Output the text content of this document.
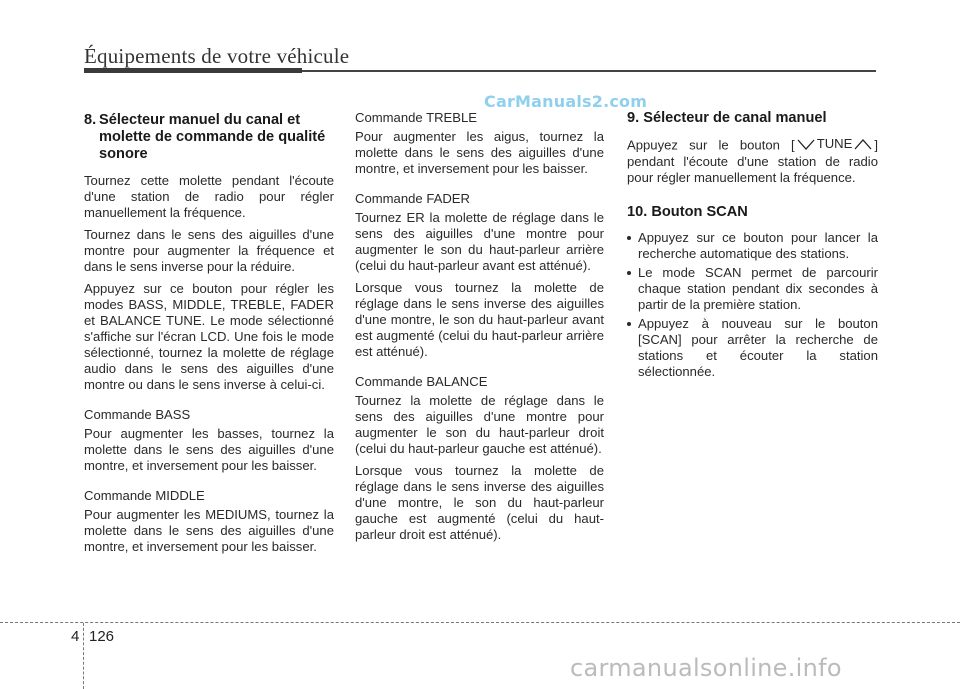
Équipements de votre véhicule
CarManuals2.com
8. Sélecteur manuel du canal et
molette de commande de qualité sonore

Tournez cette molette pendant l'écoute d'une station de radio pour régler manuellement la fréquence.

Tournez dans le sens des aiguilles d'une montre pour augmenter la fréquence et dans le sens inverse pour la réduire.

Appuyez sur ce bouton pour régler les modes BASS, MIDDLE, TREBLE, FADER et BALANCE TUNE. Le mode sélectionné s'affiche sur l'écran LCD. Une fois le mode sélectionné, tournez la molette de réglage audio dans le sens des aiguilles d'une montre ou dans le sens inverse à celui-ci.

Commande BASS

Pour augmenter les basses, tournez la molette dans le sens des aiguilles d'une montre, et inversement pour les baisser.

Commande MIDDLE

Pour augmenter les MEDIUMS, tournez la molette dans le sens des aiguilles d'une montre, et inversement pour les baisser.

Commande TREBLE

Pour augmenter les aigus, tournez la molette dans le sens des aiguilles d'une montre, et inversement pour les baisser.

Commande FADER

Tournez ER la molette de réglage dans le sens des aiguilles d'une montre pour augmenter le son du haut-parleur arrière (celui du haut-parleur avant est atténué).

Lorsque vous tournez la molette de réglage dans le sens inverse des aiguilles d'une montre, le son du haut-parleur avant est augmenté (celui du haut-parleur arrière est atténué).

Commande BALANCE

Tournez la molette de réglage dans le sens des aiguilles d'une montre pour augmenter le son du haut-parleur droit (celui du haut-parleur gauche est atténué).

Lorsque vous tournez la molette de réglage dans le sens inverse des aiguilles d'une montre, le son du haut-parleur gauche est augmenté (celui du haut-parleur droit est atténué).

9. Sélecteur de canal manuel

Appuyez sur le bouton [ TUNE ] pendant l'écoute d'une station de radio pour régler manuellement la fréquence.

10. Bouton SCAN
Appuyez sur ce bouton pour lancer la recherche automatique des stations.
Le mode SCAN permet de parcourir chaque station pendant dix secondes à partir de la première station.
Appuyez à nouveau sur le bouton [SCAN] pour arrêter la recherche de stations et écouter la station sélectionnée.
4 126
carmanualsonline.info
